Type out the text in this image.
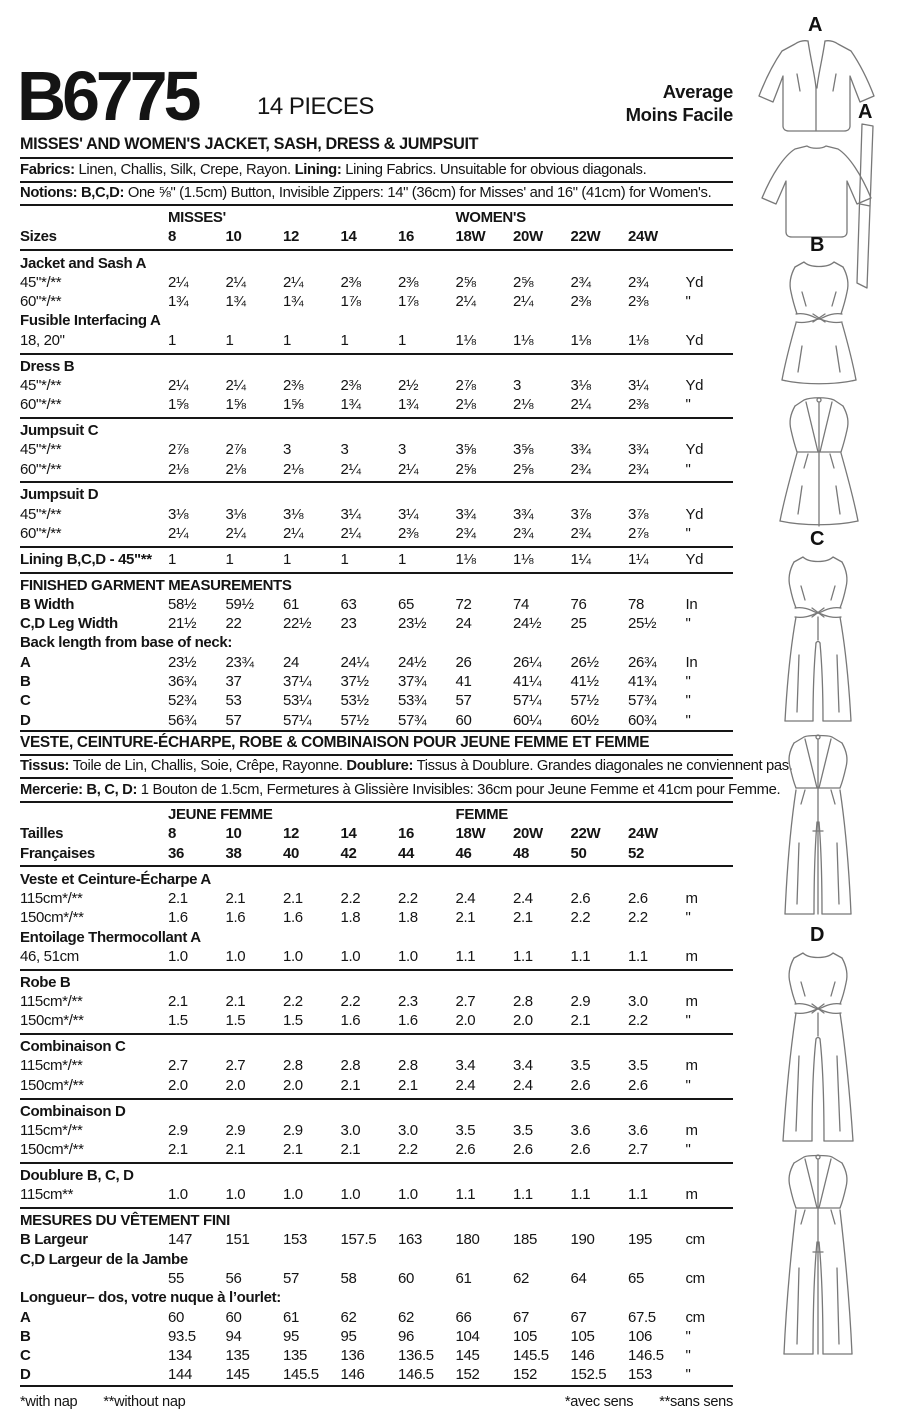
B6775 14 PIECES
Average
Moins Facile
MISSES' AND WOMEN'S JACKET, SASH, DRESS & JUMPSUIT
Fabrics: Linen, Challis, Silk, Crepe, Rayon. Lining: Lining Fabrics. Unsuitable for obvious diagonals.
Notions: B,C,D: One ⅝" (1.5cm) Button, Invisible Zippers: 14" (36cm) for Misses' and 16" (41cm) for Women's.
MISSES'	WOMEN'S
Sizes	8	10	12	14	16	18W	20W	22W	24W
Jacket and Sash A
45"*/**	2¼	2¼	2¼	2⅜	2⅜	2⅝	2⅝	2¾	2¾	Yd
60"*/**	1¾	1¾	1¾	1⅞	1⅞	2¼	2¼	2⅜	2⅜	"
Fusible Interfacing A
18, 20"	1	1	1	1	1	1⅛	1⅛	1⅛	1⅛	Yd
Dress B
45"*/**	2¼	2¼	2⅜	2⅜	2½	2⅞	3	3⅛	3¼	Yd
60"*/**	1⅝	1⅝	1⅝	1¾	1¾	2⅛	2⅛	2¼	2⅜	"
Jumpsuit C
45"*/**	2⅞	2⅞	3	3	3	3⅝	3⅝	3¾	3¾	Yd
60"*/**	2⅛	2⅛	2⅛	2¼	2¼	2⅝	2⅝	2¾	2¾	"
Jumpsuit D
45"*/**	3⅛	3⅛	3⅛	3¼	3¼	3¾	3¾	3⅞	3⅞	Yd
60"*/**	2¼	2¼	2¼	2¼	2⅜	2¾	2¾	2¾	2⅞	"
Lining B,C,D - 45"**	1	1	1	1	1	1⅛	1⅛	1¼	1¼	Yd
FINISHED GARMENT MEASUREMENTS
B Width	58½	59½	61	63	65	72	74	76	78	In
C,D Leg Width	21½	22	22½	23	23½	24	24½	25	25½	"
Back length from base of neck:
A	23½	23¾	24	24¼	24½	26	26¼	26½	26¾	In
B	36¾	37	37¼	37½	37¾	41	41¼	41½	41¾	"
C	52¾	53	53¼	53½	53¾	57	57¼	57½	57¾	"
D	56¾	57	57¼	57½	57¾	60	60¼	60½	60¾	"
VESTE, CEINTURE-ÉCHARPE, ROBE & COMBINAISON POUR JEUNE FEMME ET FEMME
Tissus: Toile de Lin, Challis, Soie, Crêpe, Rayonne. Doublure: Tissus à Doublure. Grandes diagonales ne conviennent pas.
Mercerie: B, C, D: 1 Bouton de 1.5cm, Fermetures à Glissière Invisibles: 36cm pour Jeune Femme et 41cm pour Femme.
JEUNE FEMME	FEMME
Tailles	8	10	12	14	16	18W	20W	22W	24W
Françaises	36	38	40	42	44	46	48	50	52
Veste et Ceinture-Écharpe A
115cm*/**	2.1	2.1	2.1	2.2	2.2	2.4	2.4	2.6	2.6	m
150cm*/**	1.6	1.6	1.6	1.8	1.8	2.1	2.1	2.2	2.2	"
Entoilage Thermocollant A
46, 51cm	1.0	1.0	1.0	1.0	1.0	1.1	1.1	1.1	1.1	m
Robe B
115cm*/**	2.1	2.1	2.2	2.2	2.3	2.7	2.8	2.9	3.0	m
150cm*/**	1.5	1.5	1.5	1.6	1.6	2.0	2.0	2.1	2.2	"
Combinaison C
115cm*/**	2.7	2.7	2.8	2.8	2.8	3.4	3.4	3.5	3.5	m
150cm*/**	2.0	2.0	2.0	2.1	2.1	2.4	2.4	2.6	2.6	"
Combinaison D
115cm*/**	2.9	2.9	2.9	3.0	3.0	3.5	3.5	3.6	3.6	m
150cm*/**	2.1	2.1	2.1	2.1	2.2	2.6	2.6	2.6	2.7	"
Doublure B, C, D
115cm**	1.0	1.0	1.0	1.0	1.0	1.1	1.1	1.1	1.1	m
MESURES DU VÊTEMENT FINI
B Largeur	147	151	153	157.5	163	180	185	190	195	cm
C,D Largeur de la Jambe
55	56	57	58	60	61	62	64	65	cm
Longueur– dos, votre nuque à l’ourlet:
A	60	60	61	62	62	66	67	67	67.5	cm
B	93.5	94	95	95	96	104	105	105	106	"
C	134	135	135	136	136.5	145	145.5	146	146.5	"
D	144	145	145.5	146	146.5	152	152	152.5	153	"
*with nap **without nap	*avec sens **sans sens
A
A
B
C
D
